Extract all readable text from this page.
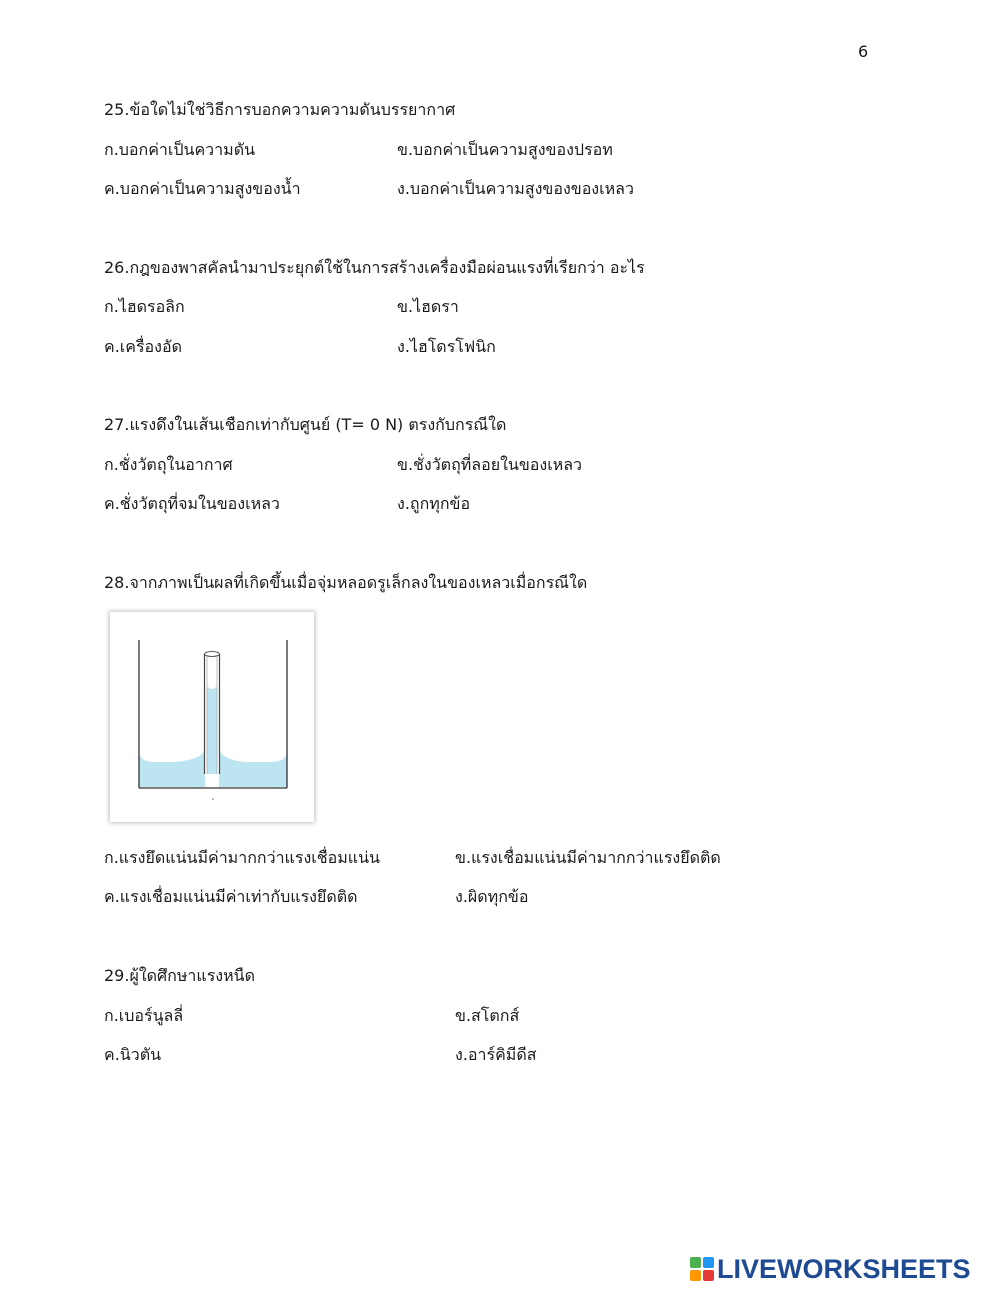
6
25.ข้อใดไม่ใช่วิธีการบอกความความดันบรรยากาศ
ก.บอกค่าเป็นความดัน	ข.บอกค่าเป็นความสูงของปรอท
ค.บอกค่าเป็นความสูงของน้ำ	ง.บอกค่าเป็นความสูงของของเหลว
26.กฎของพาสคัลนำมาประยุกต์ใช้ในการสร้างเครื่องมือผ่อนแรงที่เรียกว่า อะไร
ก.ไฮดรอลิก	ข.ไฮดรา
ค.เครื่องอัด	ง.ไฮโดรโฟนิก
27.แรงดึงในเส้นเชือกเท่ากับศูนย์ (T= 0 N) ตรงกับกรณีใด
ก.ชั่งวัตถุในอากาศ	ข.ชั่งวัตถุที่ลอยในของเหลว
ค.ชั่งวัตถุที่จมในของเหลว	ง.ถูกทุกข้อ
28.จากภาพเป็นผลที่เกิดขึ้นเมื่อจุ่มหลอดรูเล็กลงในของเหลวเมื่อกรณีใด
ก.แรงยึดแน่นมีค่ามากกว่าแรงเชื่อมแน่น	ข.แรงเชื่อมแน่นมีค่ามากกว่าแรงยึดติด
ค.แรงเชื่อมแน่นมีค่าเท่ากับแรงยึดติด	ง.ผิดทุกข้อ
29.ผู้ใดศึกษาแรงหนืด
ก.เบอร์นูลลี่	ข.สโตกส์
ค.นิวตัน	ง.อาร์คิมีดีส
LIVEWORKSHEETS
